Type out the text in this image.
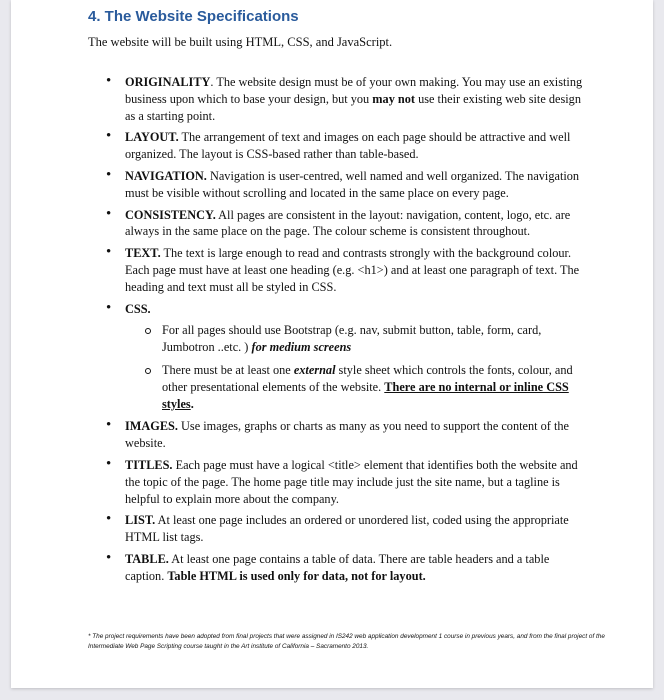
4. The Website Specifications

The website will be built using HTML, CSS, and JavaScript.

• ORIGINALITY. The website design must be of your own making. You may use an existing business upon which to base your design, but you may not use their existing web site design as a starting point.
• LAYOUT. The arrangement of text and images on each page should be attractive and well organized. The layout is CSS-based rather than table-based.
• NAVIGATION. Navigation is user-centred, well named and well organized. The navigation must be visible without scrolling and located in the same place on every page.
• CONSISTENCY. All pages are consistent in the layout: navigation, content, logo, etc. are always in the same place on the page. The colour scheme is consistent throughout.
• TEXT. The text is large enough to read and contrasts strongly with the background colour. Each page must have at least one heading (e.g. <h1>) and at least one paragraph of text. The heading and text must all be styled in CSS.
• CSS.
For all pages should use Bootstrap (e.g. nav, submit button, table, form, card, Jumbotron ..etc. ) for medium screens
There must be at least one external style sheet which controls the fonts, colour, and other presentational elements of the website. There are no internal or inline CSS styles.
• IMAGES. Use images, graphs or charts as many as you need to support the content of the website.
• TITLES. Each page must have a logical <title> element that identifies both the website and the topic of the page. The home page title may include just the site name, but a tagline is helpful to explain more about the company.
• LIST. At least one page includes an ordered or unordered list, coded using the appropriate HTML list tags.
• TABLE. At least one page contains a table of data. There are table headers and a table caption. Table HTML is used only for data, not for layout.

* The project requirements have been adopted from final projects that were assigned in IS242 web application development 1 course in previous years, and from the final project of the Intermediate Web Page Scripting course taught in the Art institute of California – Sacramento 2013.
